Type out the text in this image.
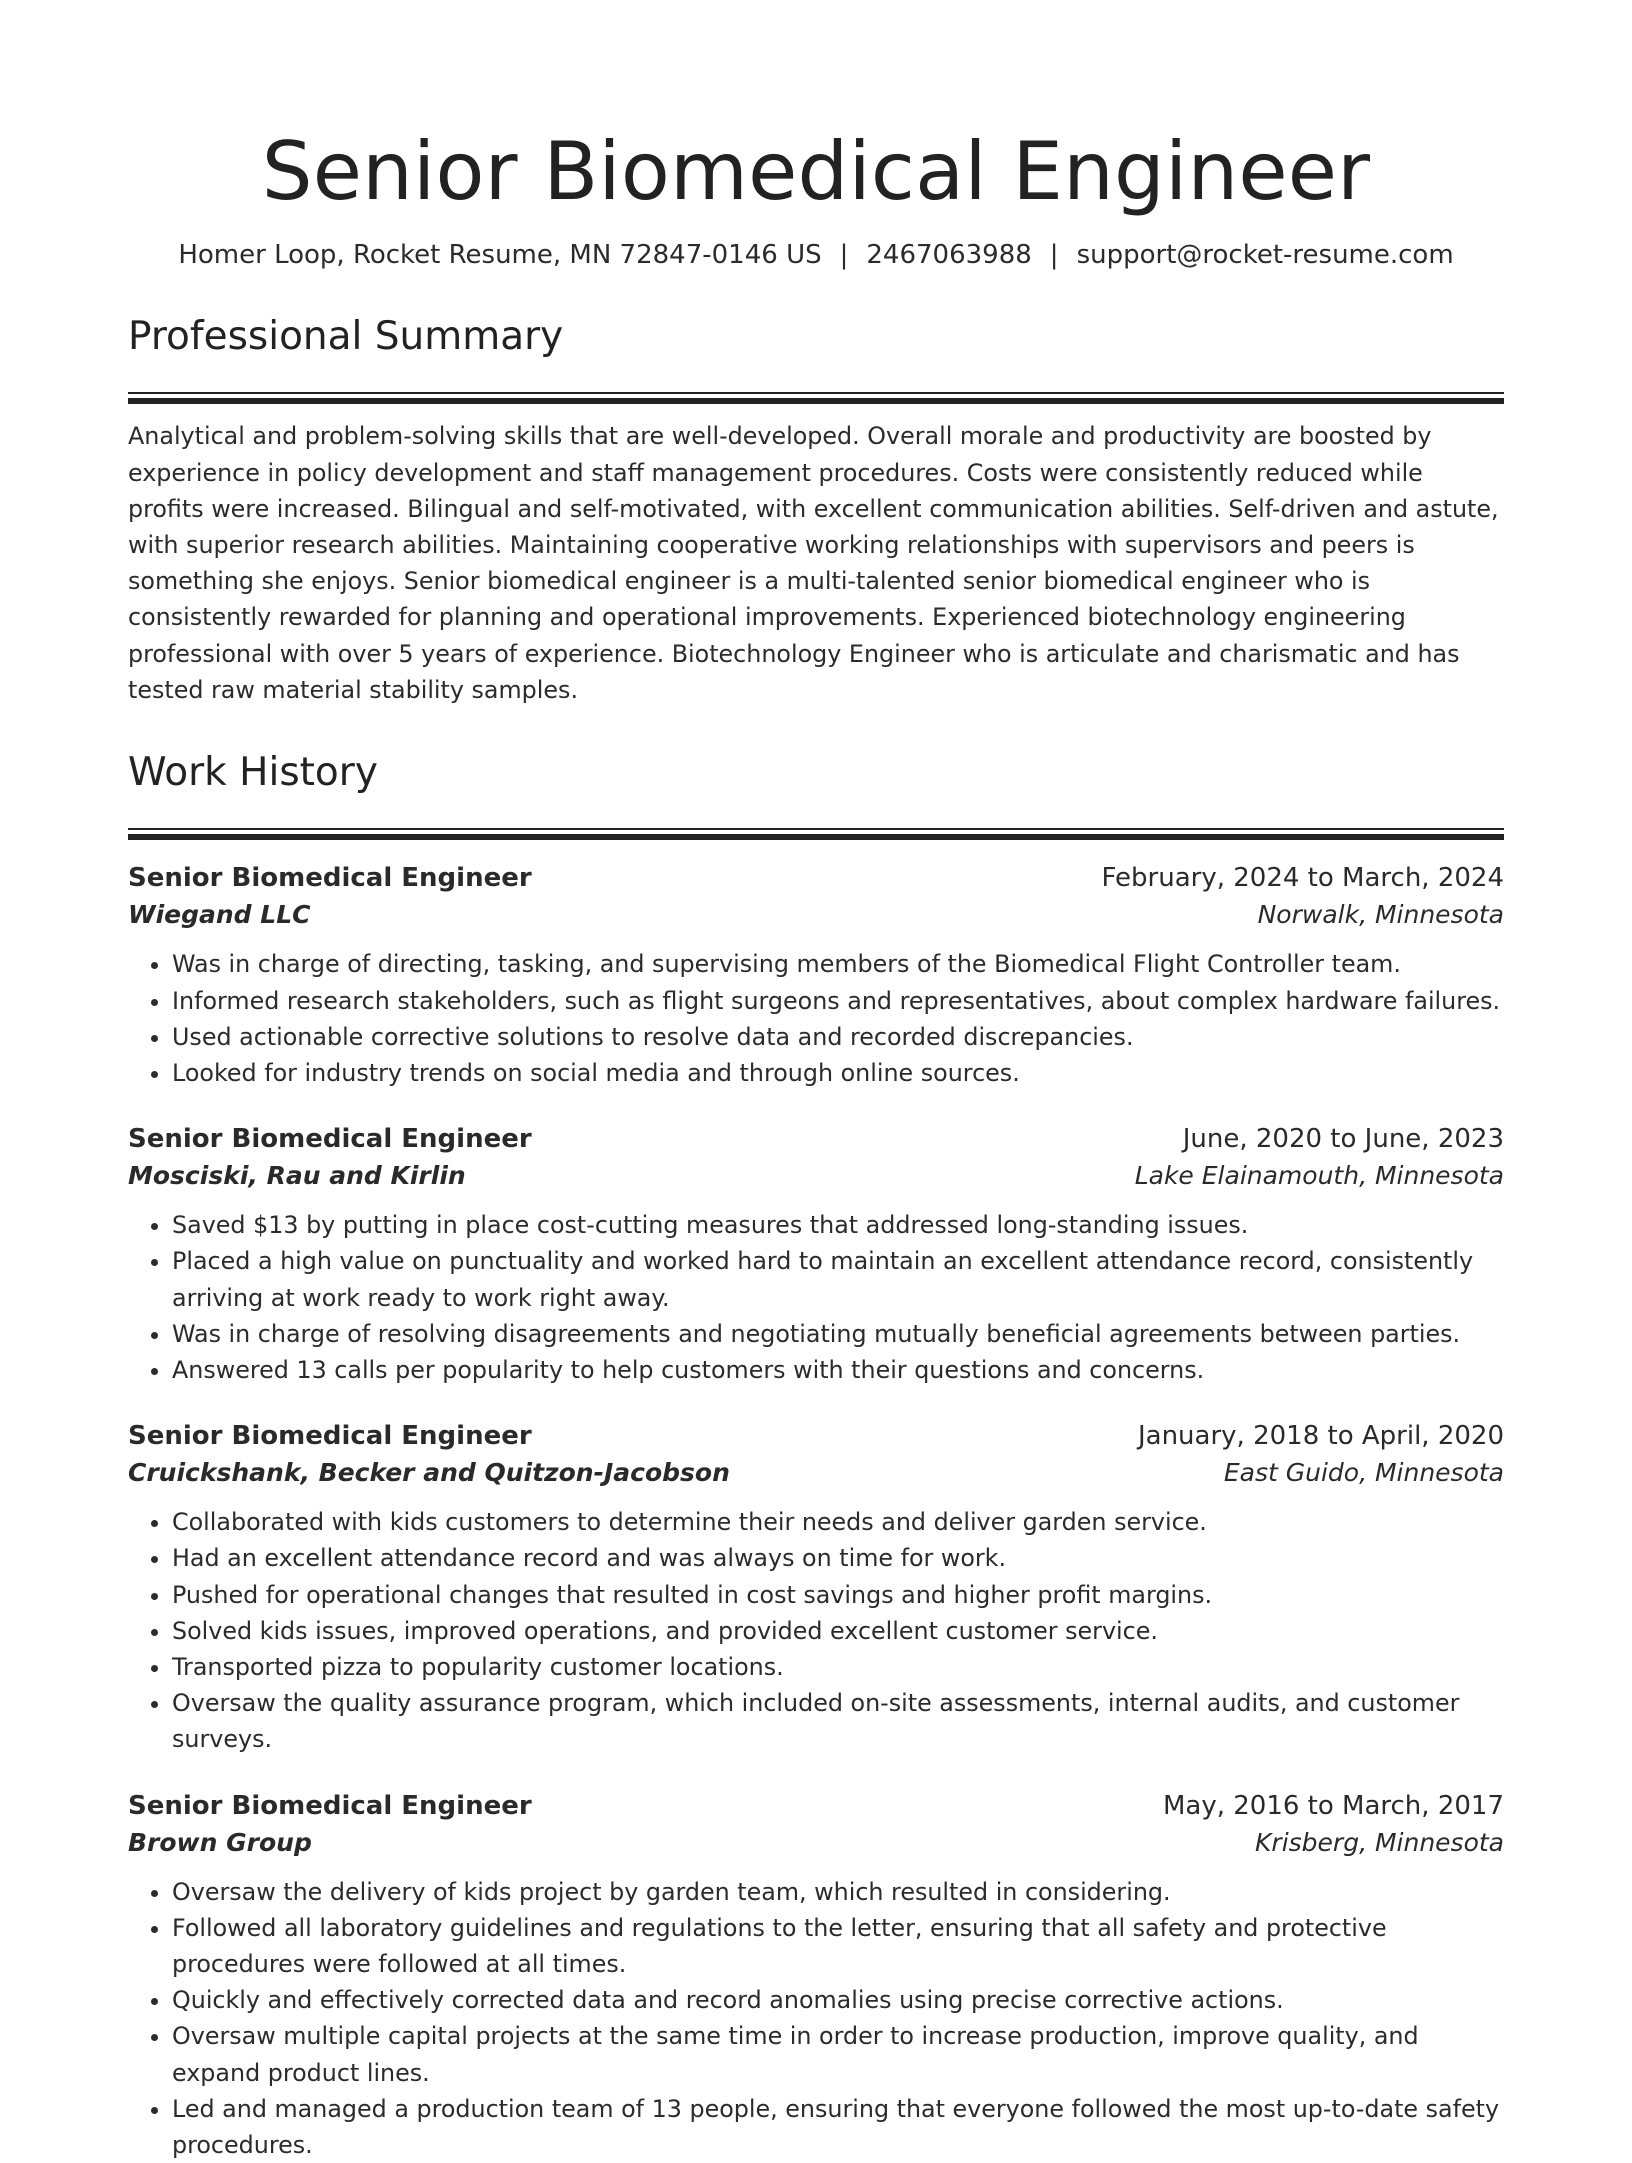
Senior Biomedical Engineer
Homer Loop, Rocket Resume, MN 72847-0146 US | 2467063988 | support@rocket-resume.com
Professional Summary

Analytical and problem-solving skills that are well-developed. Overall morale and productivity are boosted by experience in policy development and staff management procedures. Costs were consistently reduced while profits were increased. Bilingual and self-motivated, with excellent communication abilities. Self-driven and astute, with superior research abilities. Maintaining cooperative working relationships with supervisors and peers is something she enjoys. Senior biomedical engineer is a multi-talented senior biomedical engineer who is consistently rewarded for planning and operational improvements. Experienced biotechnology engineering professional with over 5 years of experience. Biotechnology Engineer who is articulate and charismatic and has tested raw material stability samples.

Work History
Senior Biomedical Engineer	February, 2024 to March, 2024
Wiegand LLC	Norwalk, Minnesota
• Was in charge of directing, tasking, and supervising members of the Biomedical Flight Controller team.
• Informed research stakeholders, such as flight surgeons and representatives, about complex hardware failures.
• Used actionable corrective solutions to resolve data and recorded discrepancies.
• Looked for industry trends on social media and through online sources.
Senior Biomedical Engineer	June, 2020 to June, 2023
Mosciski, Rau and Kirlin	Lake Elainamouth, Minnesota
• Saved $13 by putting in place cost-cutting measures that addressed long-standing issues.
• Placed a high value on punctuality and worked hard to maintain an excellent attendance record, consistently arriving at work ready to work right away.
• Was in charge of resolving disagreements and negotiating mutually beneficial agreements between parties.
• Answered 13 calls per popularity to help customers with their questions and concerns.
Senior Biomedical Engineer	January, 2018 to April, 2020
Cruickshank, Becker and Quitzon-Jacobson	East Guido, Minnesota
• Collaborated with kids customers to determine their needs and deliver garden service.
• Had an excellent attendance record and was always on time for work.
• Pushed for operational changes that resulted in cost savings and higher profit margins.
• Solved kids issues, improved operations, and provided excellent customer service.
• Transported pizza to popularity customer locations.
• Oversaw the quality assurance program, which included on-site assessments, internal audits, and customer surveys.
Senior Biomedical Engineer	May, 2016 to March, 2017
Brown Group	Krisberg, Minnesota
• Oversaw the delivery of kids project by garden team, which resulted in considering.
• Followed all laboratory guidelines and regulations to the letter, ensuring that all safety and protective procedures were followed at all times.
• Quickly and effectively corrected data and record anomalies using precise corrective actions.
• Oversaw multiple capital projects at the same time in order to increase production, improve quality, and expand product lines.
• Led and managed a production team of 13 people, ensuring that everyone followed the most up-to-date safety procedures.
